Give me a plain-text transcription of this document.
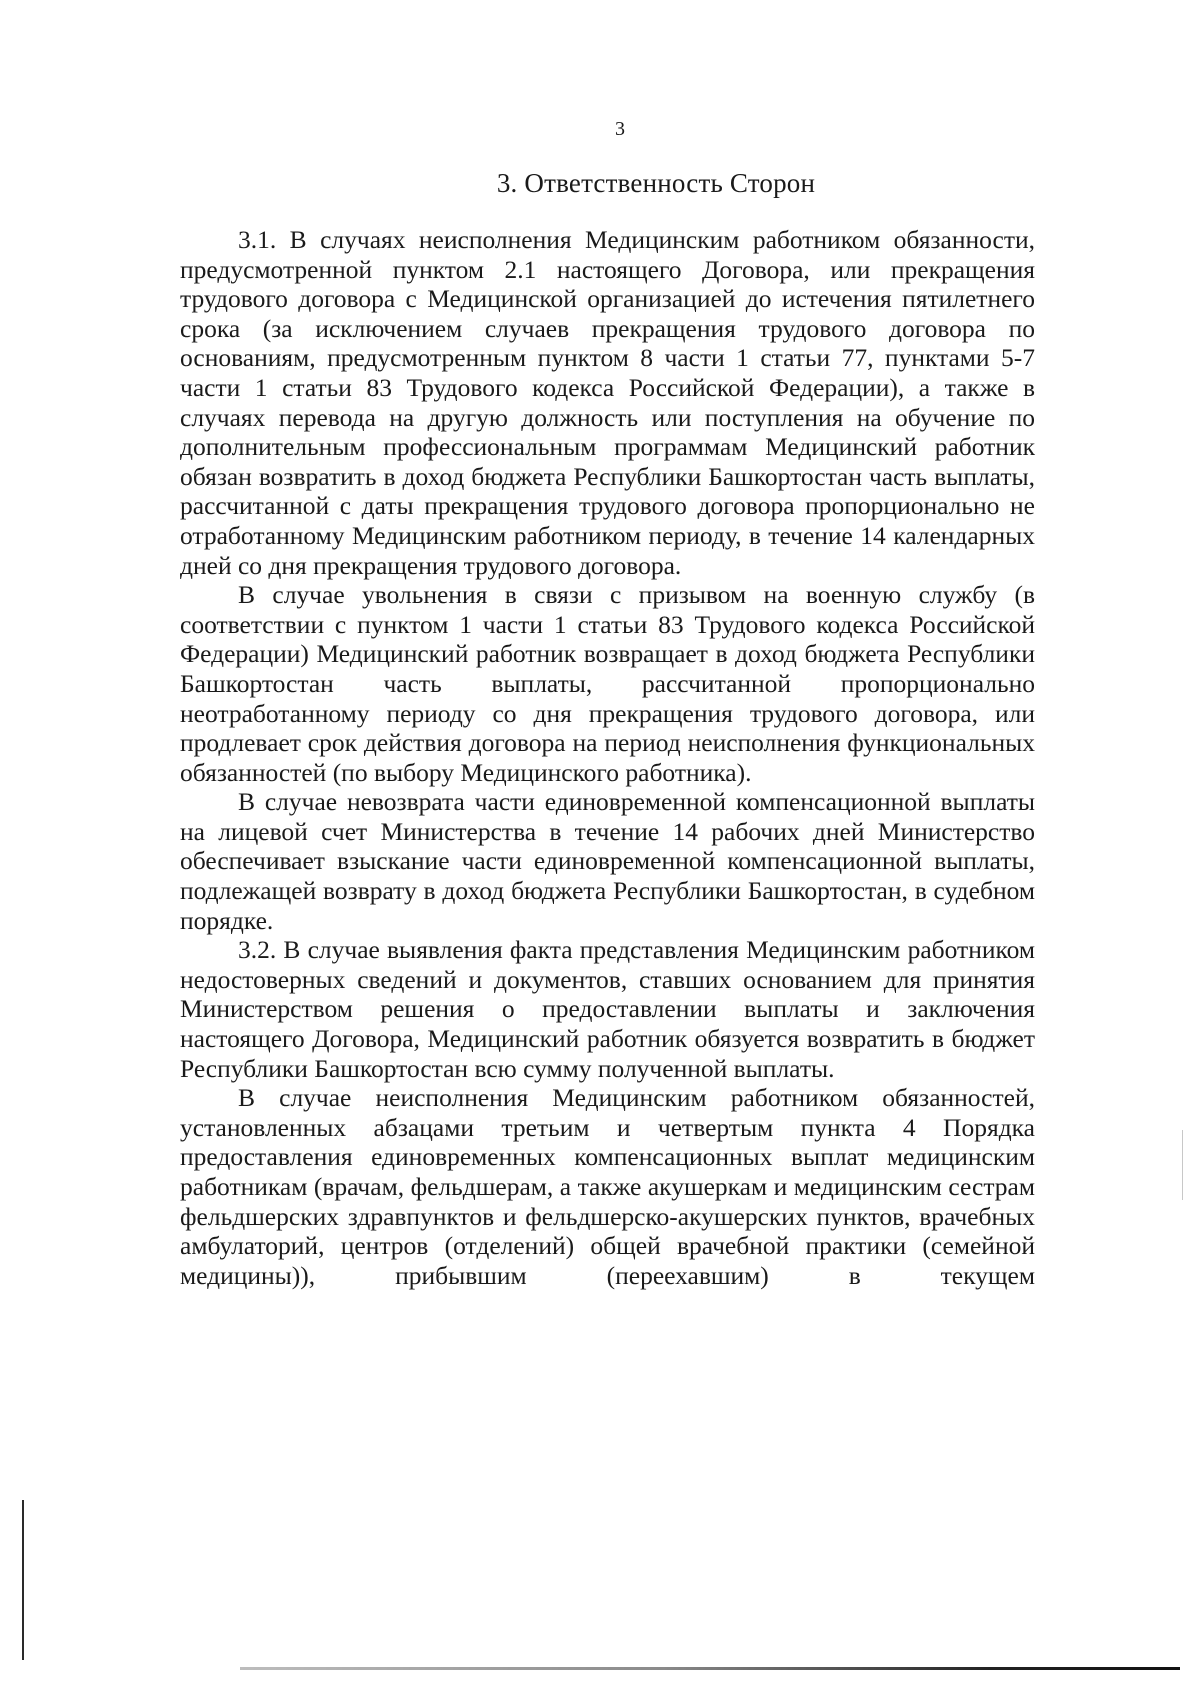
3
3. Ответственность Сторон

3.1. В случаях неисполнения Медицинским работником обязанности, предусмотренной пунктом 2.1 настоящего Договора, или прекращения трудового договора с Медицинской организацией до истечения пятилетнего срока (за исключением случаев прекращения трудового договора по основаниям, предусмотренным пунктом 8 части 1 статьи 77, пунктами 5-7 части 1 статьи 83 Трудового кодекса Российской Федерации), а также в случаях перевода на другую должность или поступления на обучение по дополнительным профессиональным программам Медицинский работник обязан возвратить в доход бюджета Республики Башкортостан часть выплаты, рассчитанной с даты прекращения трудового договора пропорционально не отработанному Медицинским работником периоду, в течение 14 календарных дней со дня прекращения трудового договора.

В случае увольнения в связи с призывом на военную службу (в соответствии с пунктом 1 части 1 статьи 83 Трудового кодекса Российской Федерации) Медицинский работник возвращает в доход бюджета Республики Башкортостан часть выплаты, рассчитанной пропорционально неотработанному периоду со дня прекращения трудового договора, или продлевает срок действия договора на период неисполнения функциональных обязанностей (по выбору Медицинского работника).

В случае невозврата части единовременной компенсационной выплаты на лицевой счет Министерства в течение 14 рабочих дней Министерство обеспечивает взыскание части единовременной компенсационной выплаты, подлежащей возврату в доход бюджета Республики Башкортостан, в судебном порядке.

3.2. В случае выявления факта представления Медицинским работником недостоверных сведений и документов, ставших основанием для принятия Министерством решения о предоставлении выплаты и заключения настоящего Договора, Медицинский работник обязуется возвратить в бюджет Республики Башкортостан всю сумму полученной выплаты.

В случае неисполнения Медицинским работником обязанностей, установленных абзацами третьим и четвертым пункта 4 Порядка предоставления единовременных компенсационных выплат медицинским работникам (врачам, фельдшерам, а также акушеркам и медицинским сестрам фельдшерских здравпунктов и фельдшерско-акушерских пунктов, врачебных амбулаторий, центров (отделений) общей врачебной практики (семейной медицины)), прибывшим (переехавшим) в текущем
